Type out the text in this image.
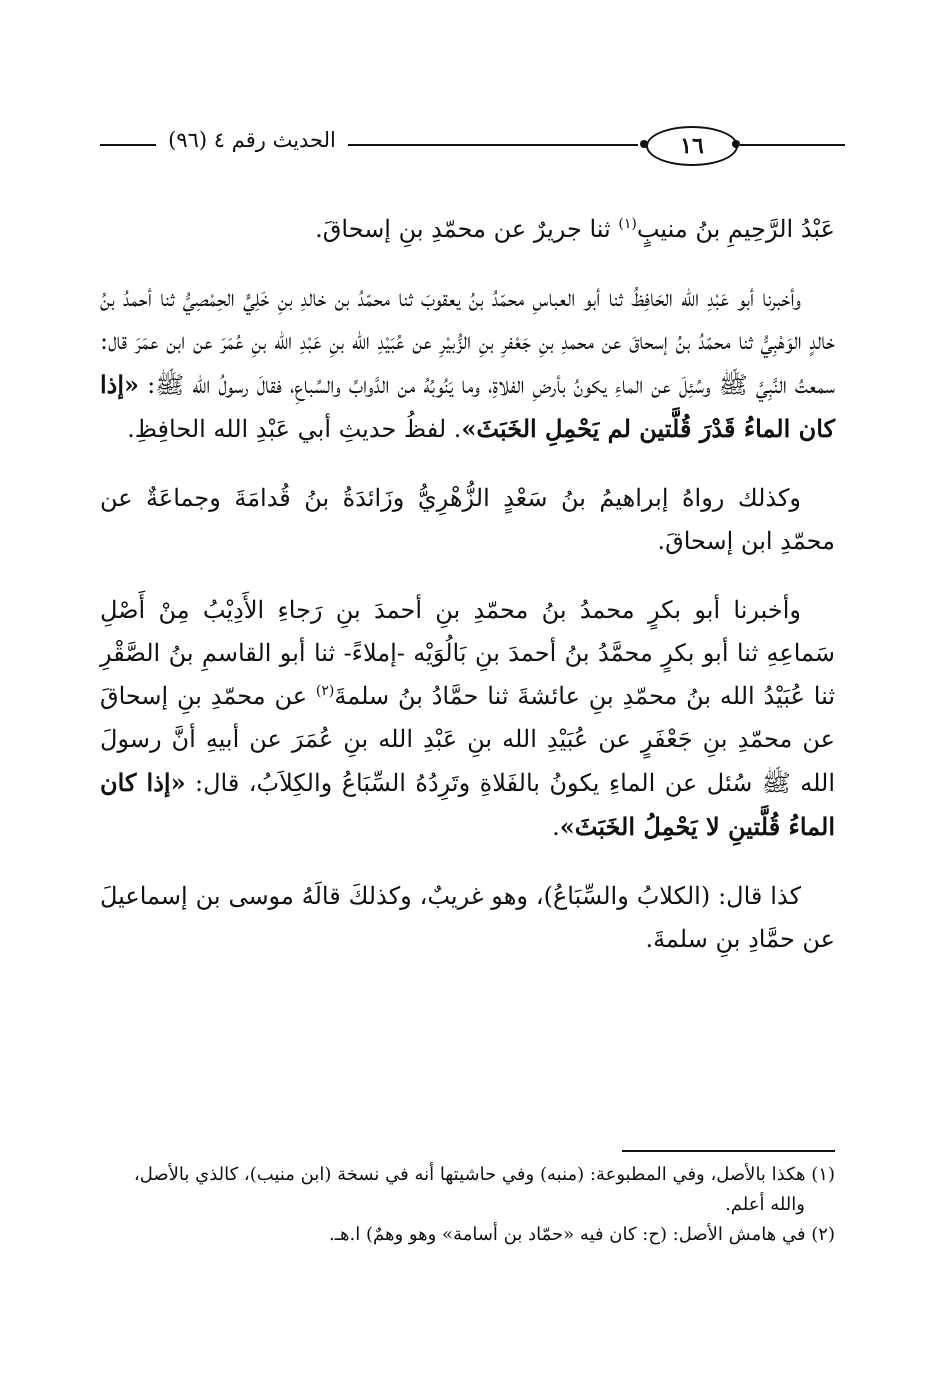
الحديث رقم ٤ (٩٦)	١٦

عَبْدُ الرَّحِيمِ بنُ منيبٍ$^{(١)}$ ثنا جريرٌ عن محمّدِ بنِ إسحاقَ.

وأخبرنا أبو عَبْدِ الله الحَافِظُ ثنا أبو العباسِ محمّدُ بنُ يعقوبَ ثنا محمّدُ بن خالدِ بنِ خَلِيٍّ الحِمْصِيُّ ثنا أحمدُ بنُ خالدٍ الوَهْبِيُّ ثنا محمّدُ بنُ إسحاقَ عن محمدِ بنِ جَعْفرِ بنِ الزُّبيْرِ عن عُبَيْدِ الله بنِ عَبْدِ الله بنِ عُمَرَ عن ابن عمَرَ قال: سمعتُ النَّبِيَّ ﷺ وسُئِلَ عن الماءِ يكونُ بأرضِ الفلاةِ، وما يَنُوبُهُ من الدَّوابِّ والسِّباعِ، فقالَ رسولُ الله ﷺ: «إذا كان الماءُ قَدْرَ قُلَّتين لم يَحْمِلِ الخَبَثَ». لفظُ حديثِ أبي عَبْدِ الله الحافِظِ.

وكذلك رواهُ إبراهيمُ بنُ سَعْدٍ الزُّهْرِيُّ وزَائدَةُ بنُ قُدامَةَ وجماعَةٌ عن محمّدِ ابن إسحاقَ.

وأخبرنا أبو بكرٍ محمدُ بنُ محمّدِ بنِ أحمدَ بنِ رَجاءِ الأَدِيْبُ مِنْ أَصْلِ سَماعِهِ ثنا أبو بكرٍ محمَّدُ بنُ أحمدَ بنِ بَالُوَيْه -إملاءً- ثنا أبو القاسمِ بنُ الصَّقْرِ ثنا عُبَيْدُ الله بنُ محمّدِ بنِ عائشةَ ثنا حمَّادُ بنُ سلمةَ$^{(٢)}$ عن محمّدِ بنِ إسحاقَ عن محمّدِ بنِ جَعْفَرٍ عن عُبَيْدِ الله بنِ عَبْدِ الله بنِ عُمَرَ عن أبيهِ أنَّ رسولَ الله ﷺ سُئل عن الماءِ يكونُ بالفَلاةِ وتَرِدُهُ السِّبَاعُ والكِلاَبُ، قال: «إذا كان الماءُ قُلَّتينِ لا يَحْمِلُ الخَبَثَ».

كذا قال: (الكلابُ والسِّبَاعُ)، وهو غريبٌ، وكذلكَ قالَهُ موسى بن إسماعيلَ عن حمَّادِ بنِ سلمةَ.

(١) هكذا بالأصل، وفي المطبوعة: (منبه) وفي حاشيتها أنه في نسخة (ابن منيب)، كالذي بالأصل،

والله أعلم.

(٢) في هامش الأصل: (ح: كان فيه «حمّاد بن أسامة» وهو وهمٌ) ا.هـ.
